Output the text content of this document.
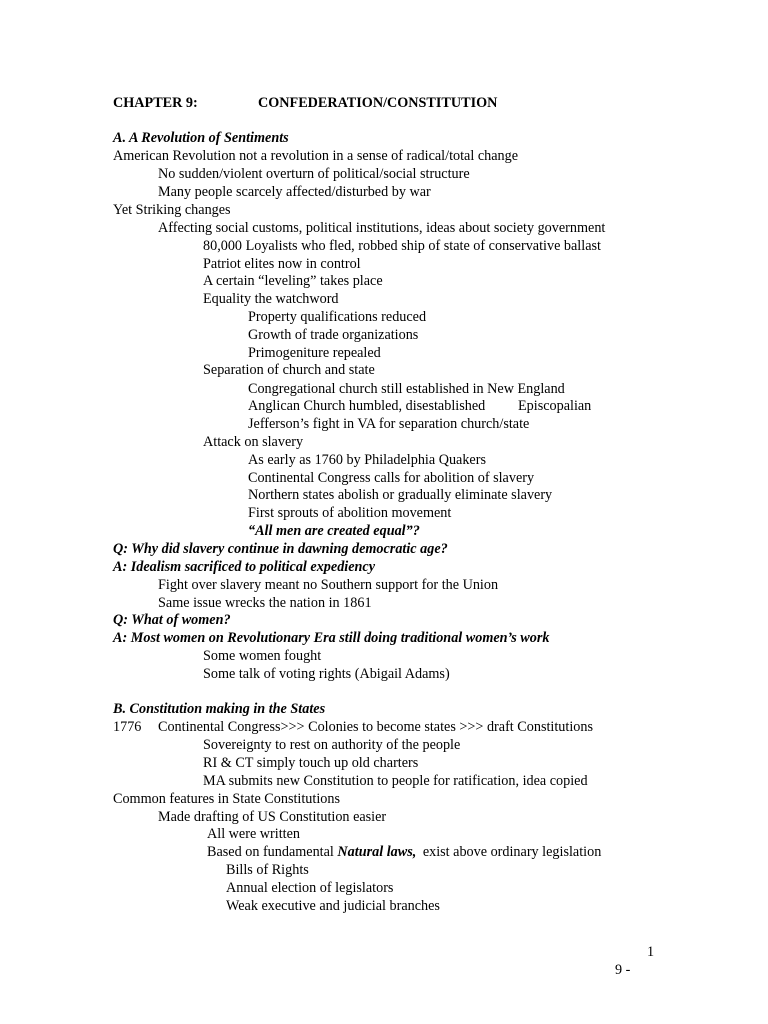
CHAPTER 9:	CONFEDERATION/CONSTITUTION
A. A Revolution of Sentiments
American Revolution not a revolution in a sense of radical/total change
No sudden/violent overturn of political/social structure
Many people scarcely affected/disturbed by war
Yet Striking changes
Affecting social customs, political institutions, ideas about society government
80,000 Loyalists who fled, robbed ship of state of conservative ballast
Patriot elites now in control
A certain “leveling” takes place
Equality the watchword
Property qualifications reduced
Growth of trade organizations
Primogeniture repealed
Separation of church and state
Congregational church still established in New England
Anglican Church humbled, disestablished Episcopalian
Jefferson’s fight in VA for separation church/state
Attack on slavery
As early as 1760 by Philadelphia Quakers
Continental Congress calls for abolition of slavery
Northern states abolish or gradually eliminate slavery
First sprouts of abolition movement
“All men are created equal”?
Q: Why did slavery continue in dawning democratic age?
A: Idealism sacrificed to political expediency
Fight over slavery meant no Southern support for the Union
Same issue wrecks the nation in 1861
Q: What of women?
A: Most women on Revolutionary Era still doing traditional women’s work
Some women fought
Some talk of voting rights (Abigail Adams)
B. Constitution making in the States
1776 Continental Congress>>> Colonies to become states >>> draft Constitutions
Sovereignty to rest on authority of the people
RI & CT simply touch up old charters
MA submits new Constitution to people for ratification, idea copied
Common features in State Constitutions
Made drafting of US Constitution easier
All were written
Based on fundamental Natural laws, exist above ordinary legislation
Bills of Rights
Annual election of legislators
Weak executive and judicial branches
1
9 -
